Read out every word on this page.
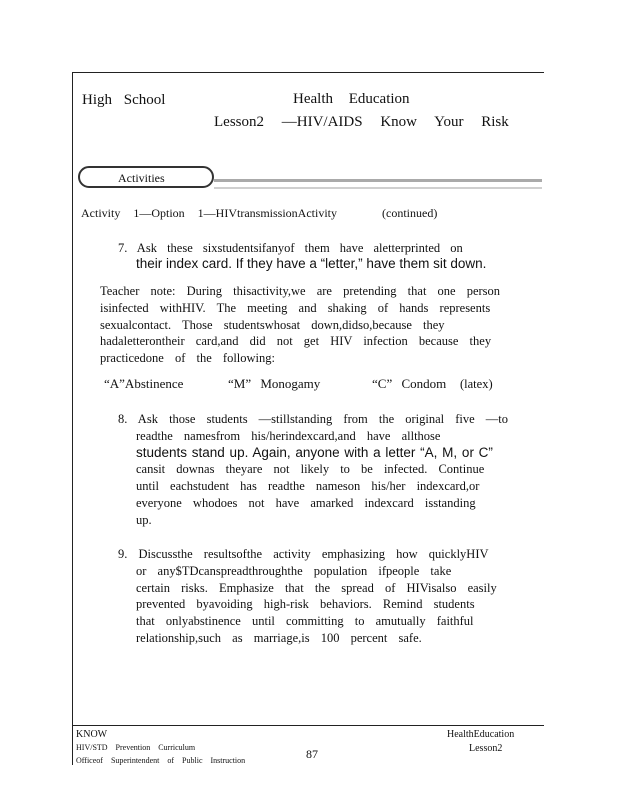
High School	Health Education
Lesson2 —HIV/AIDS Know Your Risk
Activities
Activity 1—Option 1—HIVtransmissionActivity	(continued)
7. Ask these sixstudentsifanyof them have aletterprinted on
their index card. If they have a “letter,” have them sit down.
Teacher note: During thisactivity,we are pretending that one person
isinfected withHIV. The meeting and shaking of hands represents
sexualcontact. Those studentswhosat down,didso,because they
hadaletterontheir card,and did not get HIV infection because they
practicedone of the following:
“A”Abstinence	“M” Monogamy	“C” Condom (latex)
8. Ask those students —stillstanding from the original five —to
readthe namesfrom his/herindexcard,and have allthose
students stand up. Again, anyone with a letter “A, M, or C”
cansit downas theyare not likely to be infected. Continue
until eachstudent has readthe nameson his/her indexcard,or
everyone whodoes not have amarked indexcard isstanding
up.
9. Discussthe resultsofthe activity emphasizing how quicklyHIV
or any$TDcanspreadthroughthe population ifpeople take
certain risks. Emphasize that the spread of HIVisalso easily
prevented byavoiding high-risk behaviors. Remind students
that onlyabstinence until committing to amutually faithful
relationship,such as marriage,is 100 percent safe.
KNOW
HIV/STD Prevention Curriculum
Officeof Superintendent of Public Instruction	87
HealthEducation
Lesson2
